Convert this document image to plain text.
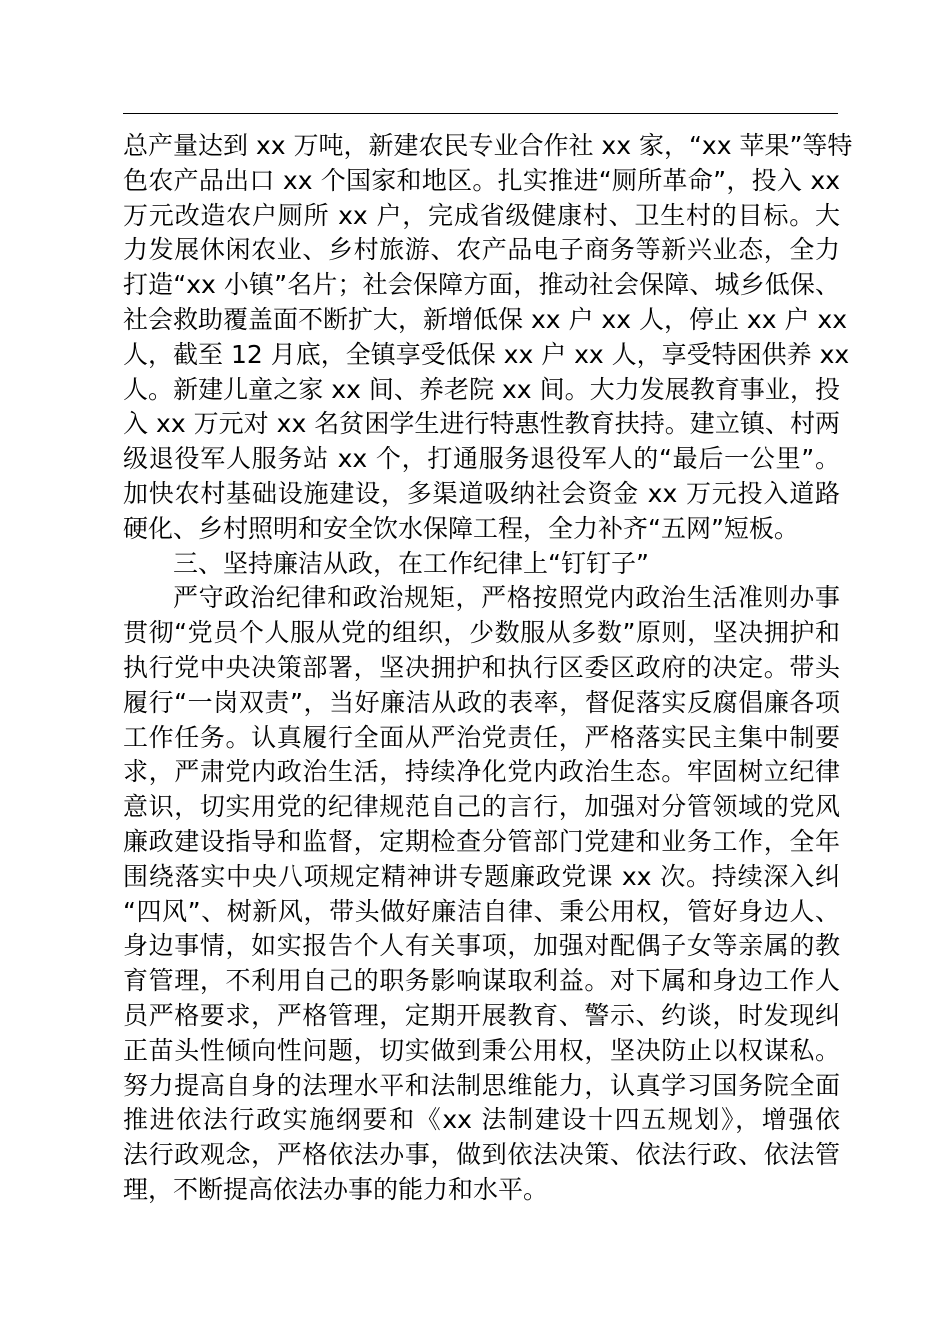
总产量达到 xx 万吨，新建农民专业合作社 xx 家，“xx 苹果”等特
色农产品出口 xx 个国家和地区。扎实推进“厕所革命”，投入 xx
万元改造农户厕所 xx 户，完成省级健康村、卫生村的目标。大
力发展休闲农业、乡村旅游、农产品电子商务等新兴业态，全力
打造“xx 小镇”名片；社会保障方面，推动社会保障、城乡低保、
社会救助覆盖面不断扩大，新增低保 xx 户 xx 人，停止 xx 户 xx
人，截至 12 月底，全镇享受低保 xx 户 xx 人，享受特困供养 xx
人。新建儿童之家 xx 间、养老院 xx 间。大力发展教育事业，投
入 xx 万元对 xx 名贫困学生进行特惠性教育扶持。建立镇、村两
级退役军人服务站 xx 个，打通服务退役军人的“最后一公里”。
加快农村基础设施建设，多渠道吸纳社会资金 xx 万元投入道路
硬化、乡村照明和安全饮水保障工程，全力补齐“五网”短板。
三、坚持廉洁从政，在工作纪律上“钉钉子”
严守政治纪律和政治规矩，严格按照党内政治生活准则办事
贯彻“党员个人服从党的组织，少数服从多数”原则，坚决拥护和
执行党中央决策部署，坚决拥护和执行区委区政府的决定。带头
履行“一岗双责”，当好廉洁从政的表率，督促落实反腐倡廉各项
工作任务。认真履行全面从严治党责任，严格落实民主集中制要
求，严肃党内政治生活，持续净化党内政治生态。牢固树立纪律
意识，切实用党的纪律规范自己的言行，加强对分管领域的党风
廉政建设指导和监督，定期检查分管部门党建和业务工作，全年
围绕落实中央八项规定精神讲专题廉政党课 xx 次。持续深入纠
“四风”、树新风，带头做好廉洁自律、秉公用权，管好身边人、
身边事情，如实报告个人有关事项，加强对配偶子女等亲属的教
育管理，不利用自己的职务影响谋取利益。对下属和身边工作人
员严格要求，严格管理，定期开展教育、警示、约谈，时发现纠
正苗头性倾向性问题，切实做到秉公用权，坚决防止以权谋私。
努力提高自身的法理水平和法制思维能力，认真学习国务院全面
推进依法行政实施纲要和《xx 法制建设十四五规划》，增强依
法行政观念，严格依法办事，做到依法决策、依法行政、依法管
理，不断提高依法办事的能力和水平。
